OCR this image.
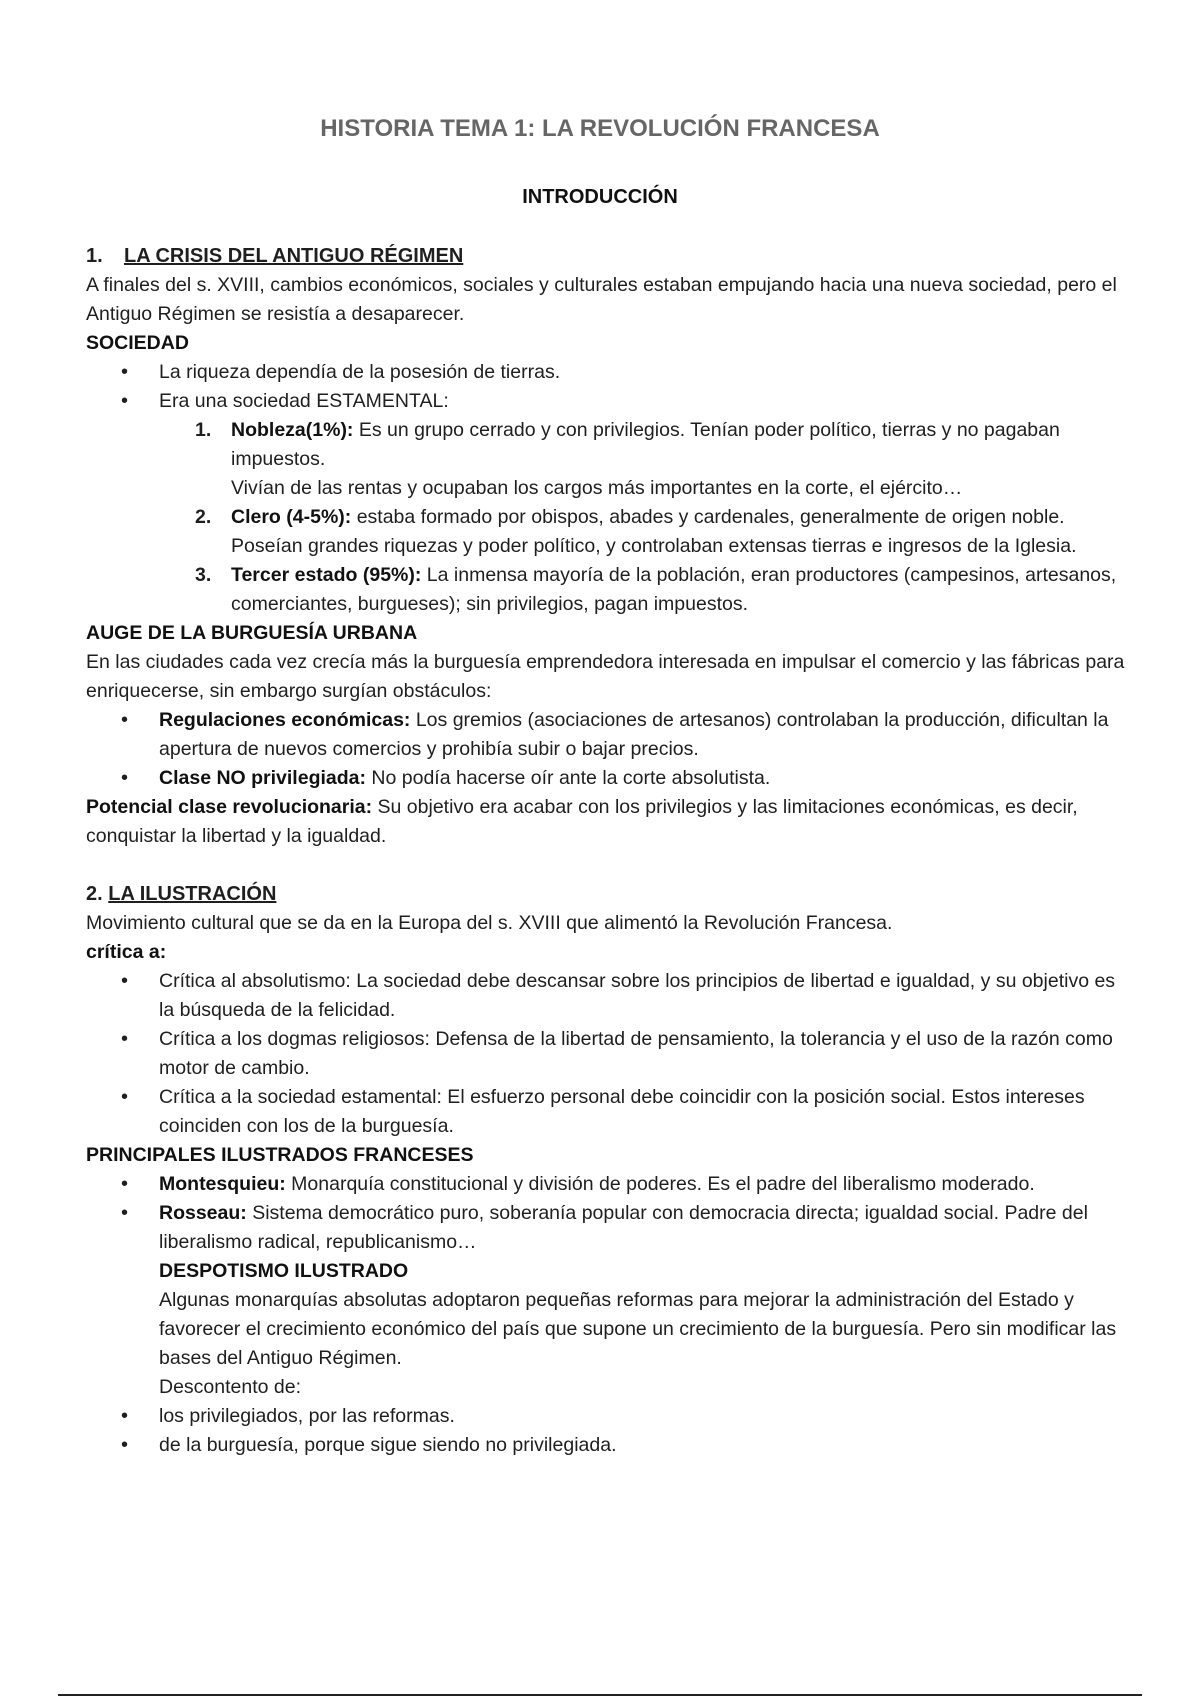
HISTORIA TEMA 1: LA REVOLUCIÓN FRANCESA
INTRODUCCIÓN

1. LA CRISIS DEL ANTIGUO RÉGIMEN

A finales del s. XVIII, cambios económicos, sociales y culturales estaban empujando hacia una nueva sociedad, pero el Antiguo Régimen se resistía a desaparecer.

SOCIEDAD

• La riqueza dependía de la posesión de tierras.
• Era una sociedad ESTAMENTAL:
1. Nobleza(1%): Es un grupo cerrado y con privilegios. Tenían poder político, tierras y no pagaban impuestos.
Vivían de las rentas y ocupaban los cargos más importantes en la corte, el ejército…
2. Clero (4-5%): estaba formado por obispos, abades y cardenales, generalmente de origen noble. Poseían grandes riquezas y poder político, y controlaban extensas tierras e ingresos de la Iglesia.
3. Tercer estado (95%): La inmensa mayoría de la población, eran productores (campesinos, artesanos, comerciantes, burgueses); sin privilegios, pagan impuestos.

AUGE DE LA BURGUESÍA URBANA

En las ciudades cada vez crecía más la burguesía emprendedora interesada en impulsar el comercio y las fábricas para enriquecerse, sin embargo surgían obstáculos:

• Regulaciones económicas: Los gremios (asociaciones de artesanos) controlaban la producción, dificultan la apertura de nuevos comercios y prohibía subir o bajar precios.
• Clase NO privilegiada: No podía hacerse oír ante la corte absolutista.

Potencial clase revolucionaria: Su objetivo era acabar con los privilegios y las limitaciones económicas, es decir, conquistar la libertad y la igualdad.

2. LA ILUSTRACIÓN

Movimiento cultural que se da en la Europa del s. XVIII que alimentó la Revolución Francesa.

crítica a:

• Crítica al absolutismo: La sociedad debe descansar sobre los principios de libertad e igualdad, y su objetivo es la búsqueda de la felicidad.
• Crítica a los dogmas religiosos: Defensa de la libertad de pensamiento, la tolerancia y el uso de la razón como motor de cambio.
• Crítica a la sociedad estamental: El esfuerzo personal debe coincidir con la posición social. Estos intereses coinciden con los de la burguesía.

PRINCIPALES ILUSTRADOS FRANCESES

• Montesquieu: Monarquía constitucional y división de poderes. Es el padre del liberalismo moderado.
• Rosseau: Sistema democrático puro, soberanía popular con democracia directa; igualdad social. Padre del liberalismo radical, republicanismo…

DESPOTISMO ILUSTRADO

Algunas monarquías absolutas adoptaron pequeñas reformas para mejorar la administración del Estado y favorecer el crecimiento económico del país que supone un crecimiento de la burguesía. Pero sin modificar las bases del Antiguo Régimen.

Descontento de:

• los privilegiados, por las reformas.
• de la burguesía, porque sigue siendo no privilegiada.
